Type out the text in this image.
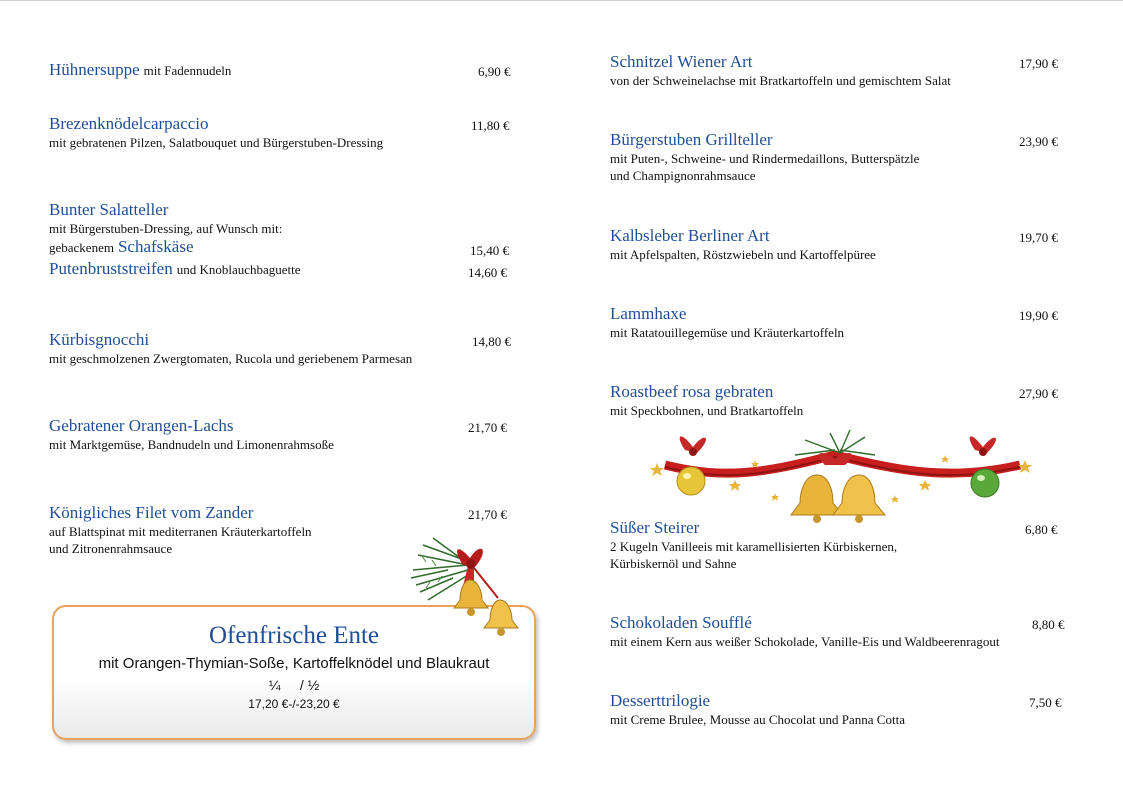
Hühnersuppe mit Fadennudeln	6,90 €
Brezenknödelcarpaccio
mit gebratenen Pilzen, Salatbouquet und Bürgerstuben-Dressing
11,80 €
Bunter Salatteller
mit Bürgerstuben-Dressing, auf Wunsch mit:
gebackenem Schafskäse
Putenbruststreifen und Knoblauchbaguette
15,40 €
14,60 €
Kürbisgnocchi
mit geschmolzenen Zwergtomaten, Rucola und geriebenem Parmesan
14,80 €
Gebratener Orangen-Lachs
mit Marktgemüse, Bandnudeln und Limonenrahmsoße
21,70 €
Königliches Filet vom Zander
auf Blattspinat mit mediterranen Kräuterkartoffeln
und Zitronenrahmsauce
21,70 €
Ofenfrische Ente
mit Orangen-Thymian-Soße, Kartoffelknödel und Blaukraut
¼     / ½
17,20 €-/-23,20 €
Schnitzel Wiener Art
von der Schweinelachse mit Bratkartoffeln und gemischtem Salat
17,90 €
Bürgerstuben Grillteller
mit Puten-, Schweine- und Rindermedaillons, Butterspätzle
und Champignonrahmsauce
23,90 €
Kalbsleber Berliner Art
mit Apfelspalten, Röstzwiebeln und Kartoffelpüree
19,70 €
Lammhaxe
mit Ratatouillegemüse und Kräuterkartoffeln
19,90 €
Roastbeef rosa gebraten
mit Speckbohnen, und Bratkartoffeln
27,90 €
Süßer Steirer
2 Kugeln Vanilleeis mit karamellisierten Kürbiskernen,
Kürbiskernöl und Sahne
6,80 €
Schokoladen Soufflé
mit einem Kern aus weißer Schokolade, Vanille-Eis und Waldbeerenragout
8,80 €
Desserttrilogie
mit Creme Brulee, Mousse au Chocolat und Panna Cotta
7,50 €
